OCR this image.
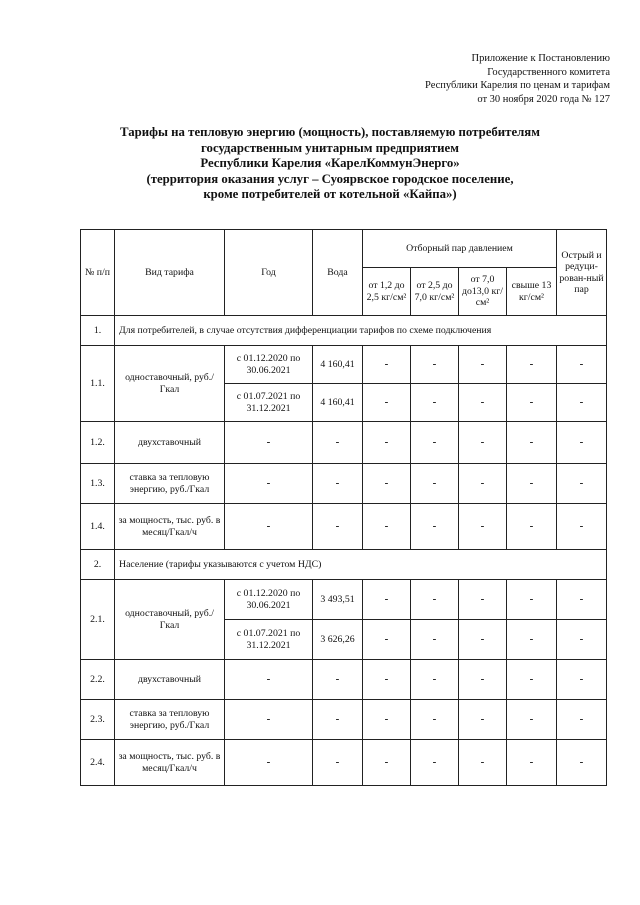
Приложение к Постановлению
Государственного комитета
Республики Карелия по ценам и тарифам
от 30 ноября 2020 года № 127
Тарифы на тепловую энергию (мощность), поставляемую потребителям
государственным унитарным предприятием
Республики Карелия «КарелКоммунЭнерго»
(территория оказания услуг – Суоярвское городское поселение,
кроме потребителей от котельной «Кайпа»)
№ п/п	Вид тарифа	Год	Вода	Отборный пар давлением				Острый и редуци-рован-ный пар
				от 1,2 до 2,5 кг/см²	от 2,5 до 7,0 кг/см²	от 7,0 до13,0 кг/см²	свыше 13 кг/см²	
1.	Для потребителей, в случае отсутствия дифференциации тарифов по схеме подключения							
1.1.	одноставочный, руб./Гкал	с 01.12.2020 по 30.06.2021	4 160,41	-	-	-	-	-
		с 01.07.2021 по 31.12.2021	4 160,41	-	-	-	-	-
1.2.	двухставочный	-	-	-	-	-	-	-
1.3.	ставка за тепловую энергию, руб./Гкал	-	-	-	-	-	-	-
1.4.	за мощность, тыс. руб. в месяц/Гкал/ч	-	-	-	-	-	-	-
2.	Население (тарифы указываются с учетом НДС)							
2.1.	одноставочный, руб./Гкал	с 01.12.2020 по 30.06.2021	3 493,51	-	-	-	-	-
		с 01.07.2021 по 31.12.2021	3 626,26	-	-	-	-	-
2.2.	двухставочный	-	-	-	-	-	-	-
2.3.	ставка за тепловую энергию, руб./Гкал	-	-	-	-	-	-	-
2.4.	за мощность, тыс. руб. в месяц/Гкал/ч	-	-	-	-	-	-	-
